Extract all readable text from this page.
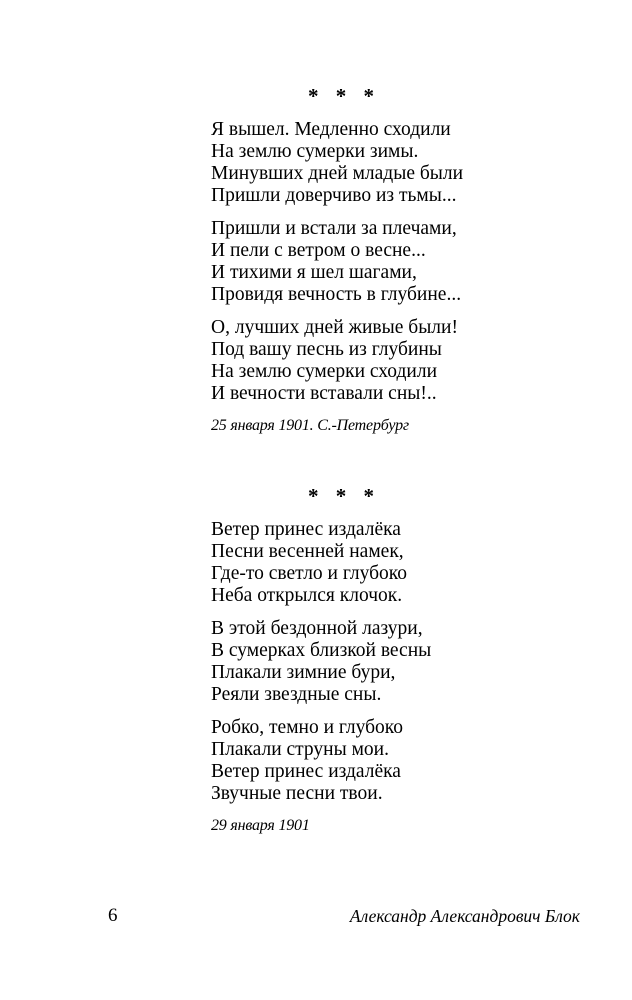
* * *
Я вышел. Медленно сходили
На землю сумерки зимы.
Минувших дней младые были
Пришли доверчиво из тьмы...
Пришли и встали за плечами,
И пели с ветром о весне...
И тихими я шел шагами,
Провидя вечность в глубине...
О, лучших дней живые были!
Под вашу песнь из глубины
На землю сумерки сходили
И вечности вставали сны!..
25 января 1901. С.-Петербург
* * *
Ветер принес издалёка
Песни весенней намек,
Где-то светло и глубоко
Неба открылся клочок.
В этой бездонной лазури,
В сумерках близкой весны
Плакали зимние бури,
Реяли звездные сны.
Робко, темно и глубоко
Плакали струны мои.
Ветер принес издалёка
Звучные песни твои.
29 января 1901
6	Александр Александрович Блок
